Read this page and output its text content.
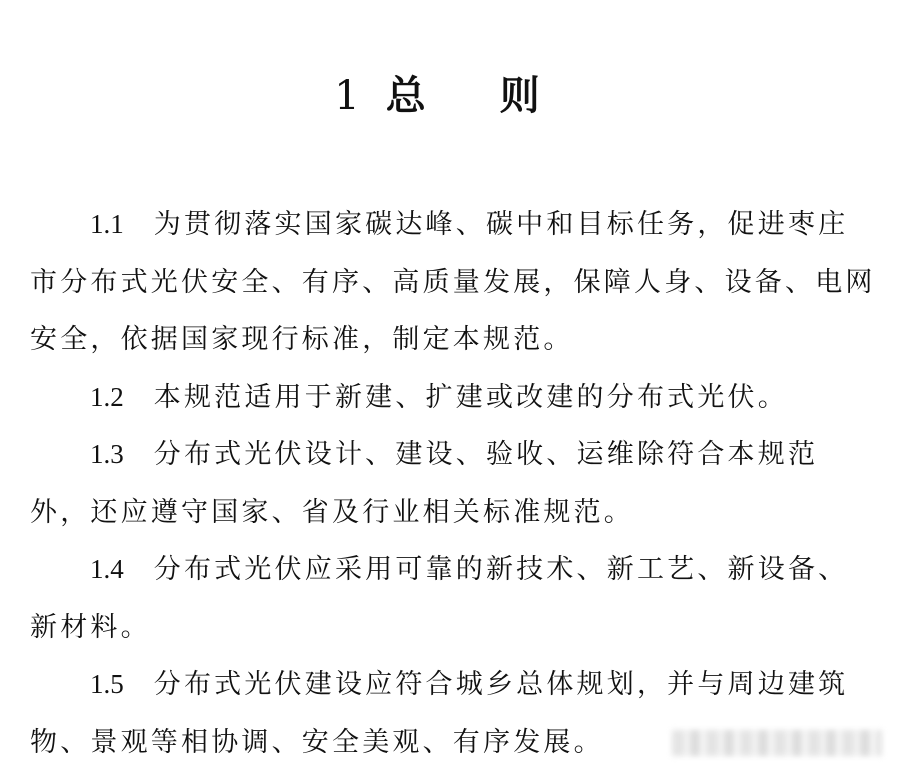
1 总 则

1.1 为贯彻落实国家碳达峰、碳中和目标任务，促进枣庄市分布式光伏安全、有序、高质量发展，保障人身、设备、电网安全，依据国家现行标准，制定本规范。

1.2 本规范适用于新建、扩建或改建的分布式光伏。

1.3 分布式光伏设计、建设、验收、运维除符合本规范外，还应遵守国家、省及行业相关标准规范。

1.4 分布式光伏应采用可靠的新技术、新工艺、新设备、新材料。

1.5 分布式光伏建设应符合城乡总体规划，并与周边建筑物、景观等相协调、安全美观、有序发展。
